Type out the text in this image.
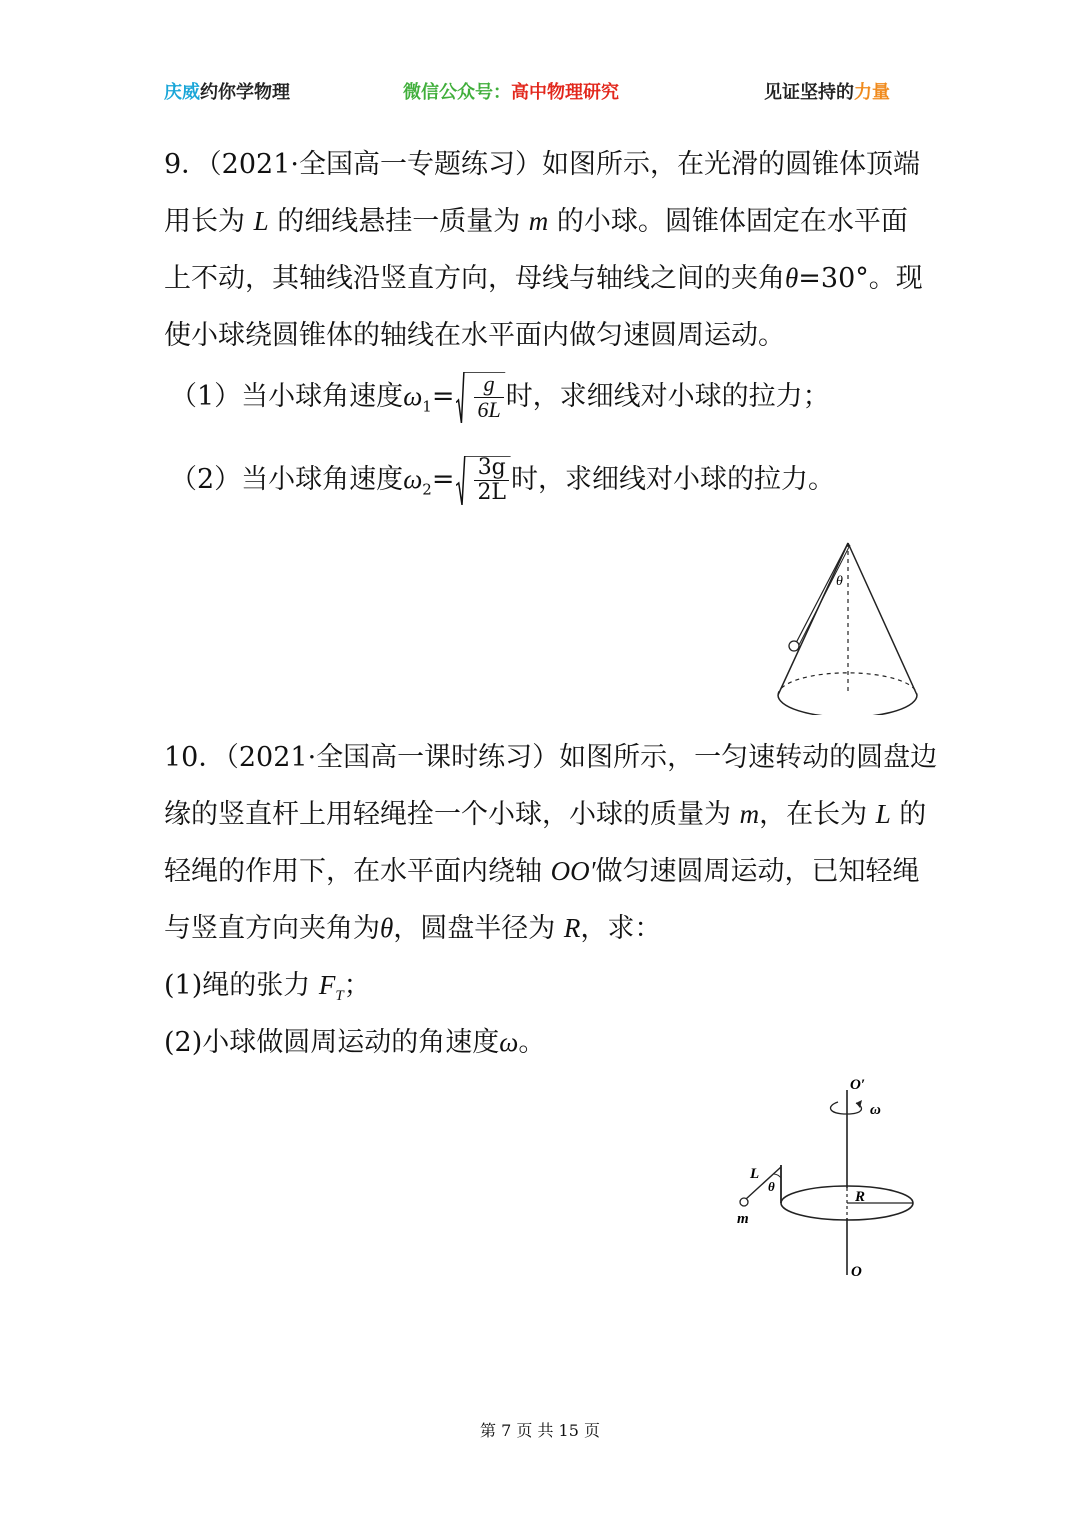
庆威约你学物理	微信公众号：高中物理研究	见证坚持的力量
9．（2021·全国高一专题练习）如图所示，在光滑的圆锥体顶端
用长为 L 的细线悬挂一质量为 m 的小球。圆锥体固定在水平面
上不动，其轴线沿竖直方向，母线与轴线之间的夹角θ=30°。现
使小球绕圆锥体的轴线在水平面内做匀速圆周运动。
（1）当小球角速度$\omega_1= \frac{g}{6L}$ 时，求细线对小球的拉力；
（2）当小球角速度$\omega_2= \frac{3g}{2L}$ 时，求细线对小球的拉力。
θ
10．（2021·全国高一课时练习）如图所示，一匀速转动的圆盘边
缘的竖直杆上用轻绳拴一个小球，小球的质量为 m，在长为 L 的
轻绳的作用下，在水平面内绕轴 OO′做匀速圆周运动，已知轻绳
与竖直方向夹角为θ，圆盘半径为 R，求：
(1)绳的张力 $F_T$；
(2)小球做圆周运动的角速度ω。
O′
ω
L
θ
R
m
O
第 7 页 共 15 页
